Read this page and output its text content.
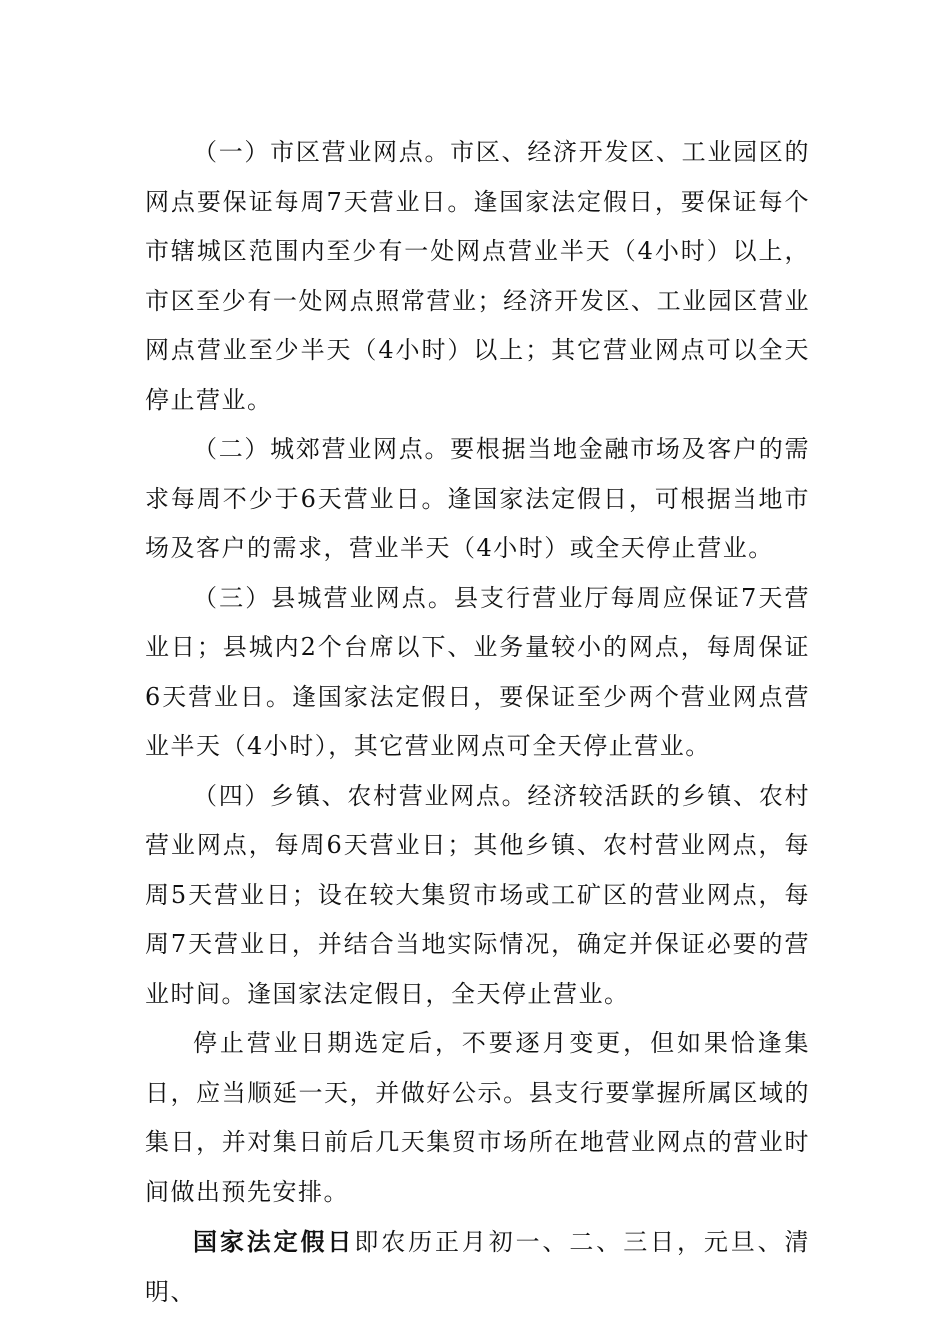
（一）市区营业网点。市区、经济开发区、工业园区的网点要保证每周7天营业日。逢国家法定假日，要保证每个市辖城区范围内至少有一处网点营业半天（4小时）以上，市区至少有一处网点照常营业；经济开发区、工业园区营业网点营业至少半天（4小时）以上；其它营业网点可以全天停止营业。

（二）城郊营业网点。要根据当地金融市场及客户的需求每周不少于6天营业日。逢国家法定假日，可根据当地市场及客户的需求，营业半天（4小时）或全天停止营业。

（三）县城营业网点。县支行营业厅每周应保证7天营业日；县城内2个台席以下、业务量较小的网点，每周保证6天营业日。逢国家法定假日，要保证至少两个营业网点营业半天（4小时），其它营业网点可全天停止营业。

（四）乡镇、农村营业网点。经济较活跃的乡镇、农村营业网点，每周6天营业日；其他乡镇、农村营业网点，每周5天营业日；设在较大集贸市场或工矿区的营业网点，每周7天营业日，并结合当地实际情况，确定并保证必要的营业时间。逢国家法定假日，全天停止营业。

停止营业日期选定后，不要逐月变更，但如果恰逢集日，应当顺延一天，并做好公示。县支行要掌握所属区域的集日，并对集日前后几天集贸市场所在地营业网点的营业时间做出预先安排。

国家法定假日即农历正月初一、二、三日，元旦、清明、
